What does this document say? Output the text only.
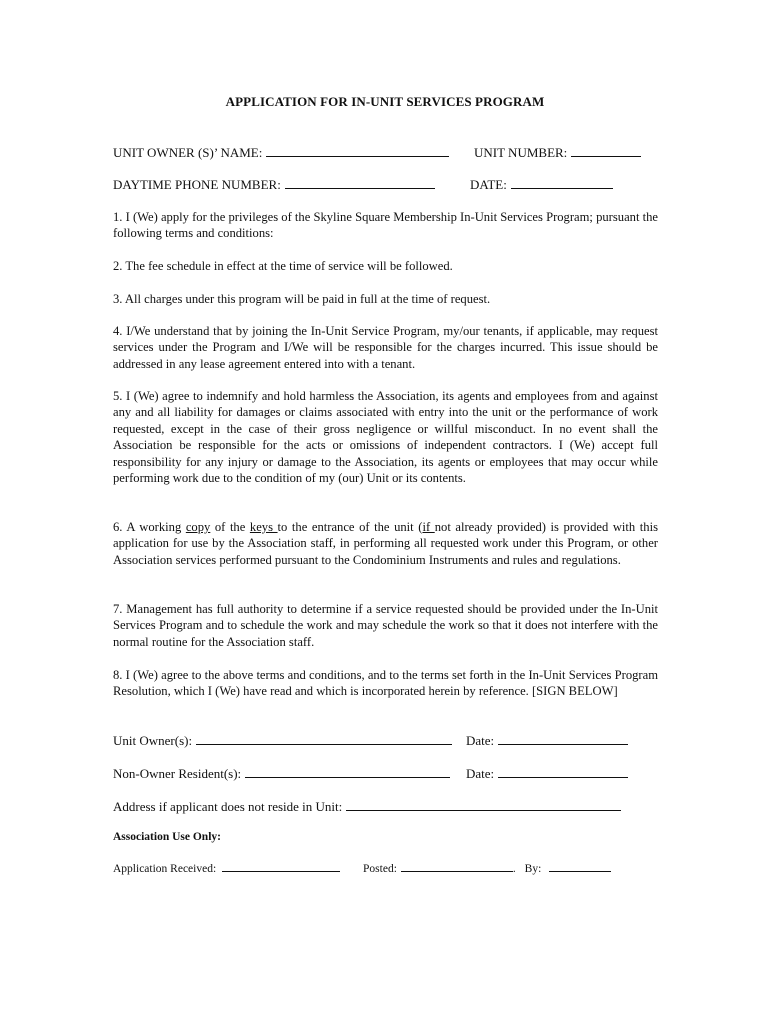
APPLICATION FOR IN-UNIT SERVICES PROGRAM
UNIT OWNER (S)’ NAME:	UNIT NUMBER:
DAYTIME PHONE NUMBER:	DATE:
1. I (We) apply for the privileges of the Skyline Square Membership In-Unit Services Program; pursuant the following terms and conditions:
2. The fee schedule in effect at the time of service will be followed.
3. All charges under this program will be paid in full at the time of request.
4. I/We understand that by joining the In-Unit Service Program, my/our tenants, if applicable, may request services under the Program and I/We will be responsible for the charges incurred. This issue should be addressed in any lease agreement entered into with a tenant.
5. I (We) agree to indemnify and hold harmless the Association, its agents and employees from and against any and all liability for damages or claims associated with entry into the unit or the performance of work requested, except in the case of their gross negligence or willful misconduct. In no event shall the Association be responsible for the acts or omissions of independent contractors. I (We) accept full responsibility for any injury or damage to the Association, its agents or employees that may occur while performing work due to the condition of my (our) Unit or its contents.
6. A working copy of the keys to the entrance of the unit (if not already provided) is provided with this application for use by the Association staff, in performing all requested work under this Program, or other Association services performed pursuant to the Condominium Instruments and rules and regulations.
7. Management has full authority to determine if a service requested should be provided under the In-Unit Services Program and to schedule the work and may schedule the work so that it does not interfere with the normal routine for the Association staff.
8. I (We) agree to the above terms and conditions, and to the terms set forth in the In-Unit Services Program Resolution, which I (We) have read and which is incorporated herein by reference. [SIGN BELOW]
Unit Owner(s):	Date:
Non-Owner Resident(s):	Date:
Address if applicant does not reside in Unit:
Association Use Only:
Application Received:	Posted:	. By:
